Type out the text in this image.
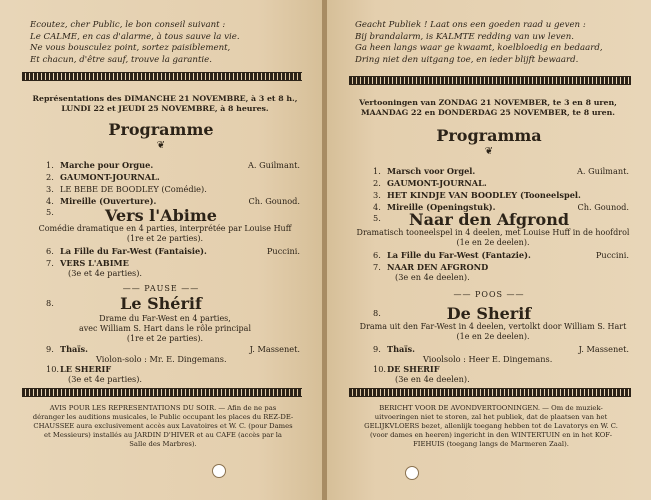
Ecoutez, cher Public, le bon conseil suivant :
Le CALME, en cas d'alarme, à tous sauve la vie.
Ne vous bousculez point, sortez paisiblement,
Et chacun, d'être sauf, trouve la garantie.
Représentations des DIMANCHE 21 NOVEMBRE, à 3 et 8 h.,
LUNDI 22 et JEUDI 25 NOVEMBRE, à 8 heures.
Programme
❦
1. Marche pour Orgue.	A. Guilmant.
2. GAUMONT-JOURNAL.
3. LE BEBE DE BOODLEY (Comédie).
4. Mireille (Ouverture).	Ch. Gounod.
5.	Vers l'Abime
Comédie dramatique en 4 parties, interprétée par Louise Huff
(1re et 2e parties).
6. La Fille du Far-West (Fantaisie).	Puccini.
7. VERS L'ABIME
(3e et 4e parties).
—— PAUSE ——
8.	Le Shérif
Drame du Far-West en 4 parties,
avec William S. Hart dans le rôle principal
(1re et 2e parties).
9. Thaïs.	J. Massenet.
Violon-solo : Mr. E. Dingemans.
10.LE SHERIF
(3e et 4e parties).
AVIS POUR LES REPRESENTATIONS DU SOIR. — Afin de ne pas
déranger les auditions musicales, le Public occupant les places du REZ-DE-
CHAUSSEE aura exclusivement accès aux Lavatoires et W. C. (pour Dames
et Messieurs) installés au JARDIN D'HIVER et au CAFE (accès par la
Salle des Marbres).
Geacht Publiek ! Laat ons een goeden raad u geven :
Bij brandalarm, is KALMTE redding van uw leven.
Ga heen langs waar ge kwaamt, koelbloedig en bedaard,
Dring niet den uitgang toe, en ieder blijft bewaard.
Vertooningen van ZONDAG 21 NOVEMBER, te 3 en 8 uren,
MAANDAG 22 en DONDERDAG 25 NOVEMBER, te 8 uren.
Programma
❦
1. Marsch voor Orgel.	A. Guilmant.
2. GAUMONT-JOURNAL.
3. HET KINDJE VAN BOODLEY (Tooneelspel.
4. Mireille (Openingstuk).	Ch. Gounod.
5.	Naar den Afgrond
Dramatisch tooneelspel in 4 deelen, met Louise Huff in de hoofdrol
(1e en 2e deelen).
6. La Fille du Far-West (Fantazie).	Puccini.
7. NAAR DEN AFGROND
(3e en 4e deelen).
—— POOS ——
8.	De Sherif
Drama uit den Far-West in 4 deelen, vertolkt door William S. Hart
(1e en 2e deelen).
9. Thaïs.	J. Massenet.
Vioolsolo : Heer E. Dingemans.
10.DE SHERIF
(3e en 4e deelen).
BERICHT VOOR DE AVONDVERTOONINGEN. — Om de muziek-
uitvoeringen niet te storen, zal het publiek, dat de plaatsen van het
GELIJKVLOERS bezet, allenlijk toegang hebben tot de Lavatorys en W. C.
(voor dames en heeren) ingericht in den WINTERTUIN en in het KOF-
FIEHUIS (toegang langs de Marmeren Zaal).
